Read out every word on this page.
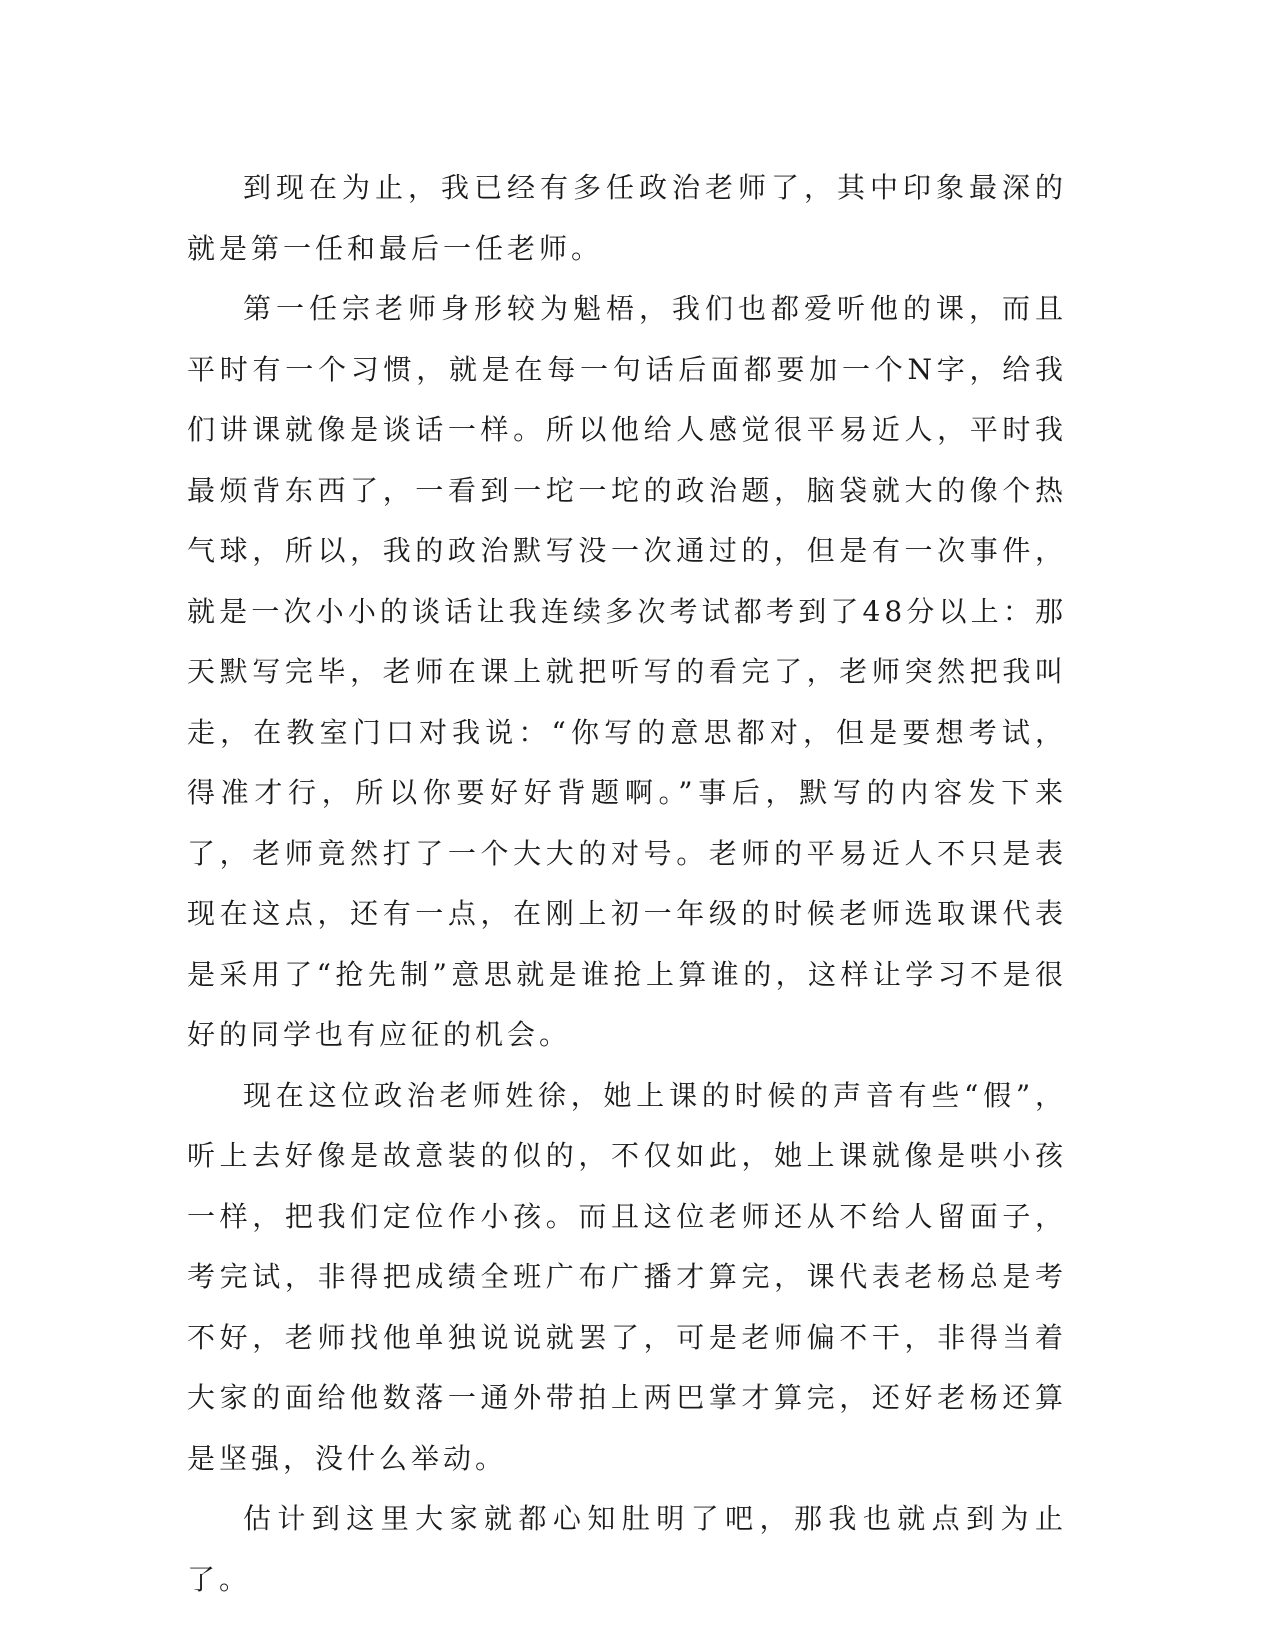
到现在为止，我已经有多任政治老师了，其中印象最深的就是第一任和最后一任老师。

第一任宗老师身形较为魁梧，我们也都爱听他的课，而且平时有一个习惯，就是在每一句话后面都要加一个N字，给我们讲课就像是谈话一样。所以他给人感觉很平易近人，平时我最烦背东西了，一看到一坨一坨的政治题，脑袋就大的像个热气球，所以，我的政治默写没一次通过的，但是有一次事件，就是一次小小的谈话让我连续多次考试都考到了48分以上：那天默写完毕，老师在课上就把听写的看完了，老师突然把我叫走，在教室门口对我说：“你写的意思都对，但是要想考试，得准才行，所以你要好好背题啊。”事后，默写的内容发下来了，老师竟然打了一个大大的对号。老师的平易近人不只是表现在这点，还有一点，在刚上初一年级的时候老师选取课代表是采用了“抢先制”意思就是谁抢上算谁的，这样让学习不是很好的同学也有应征的机会。

现在这位政治老师姓徐，她上课的时候的声音有些“假”，听上去好像是故意装的似的，不仅如此，她上课就像是哄小孩一样，把我们定位作小孩。而且这位老师还从不给人留面子，考完试，非得把成绩全班广布广播才算完，课代表老杨总是考不好，老师找他单独说说就罢了，可是老师偏不干，非得当着大家的面给他数落一通外带拍上两巴掌才算完，还好老杨还算是坚强，没什么举动。

估计到这里大家就都心知肚明了吧，那我也就点到为止了。
